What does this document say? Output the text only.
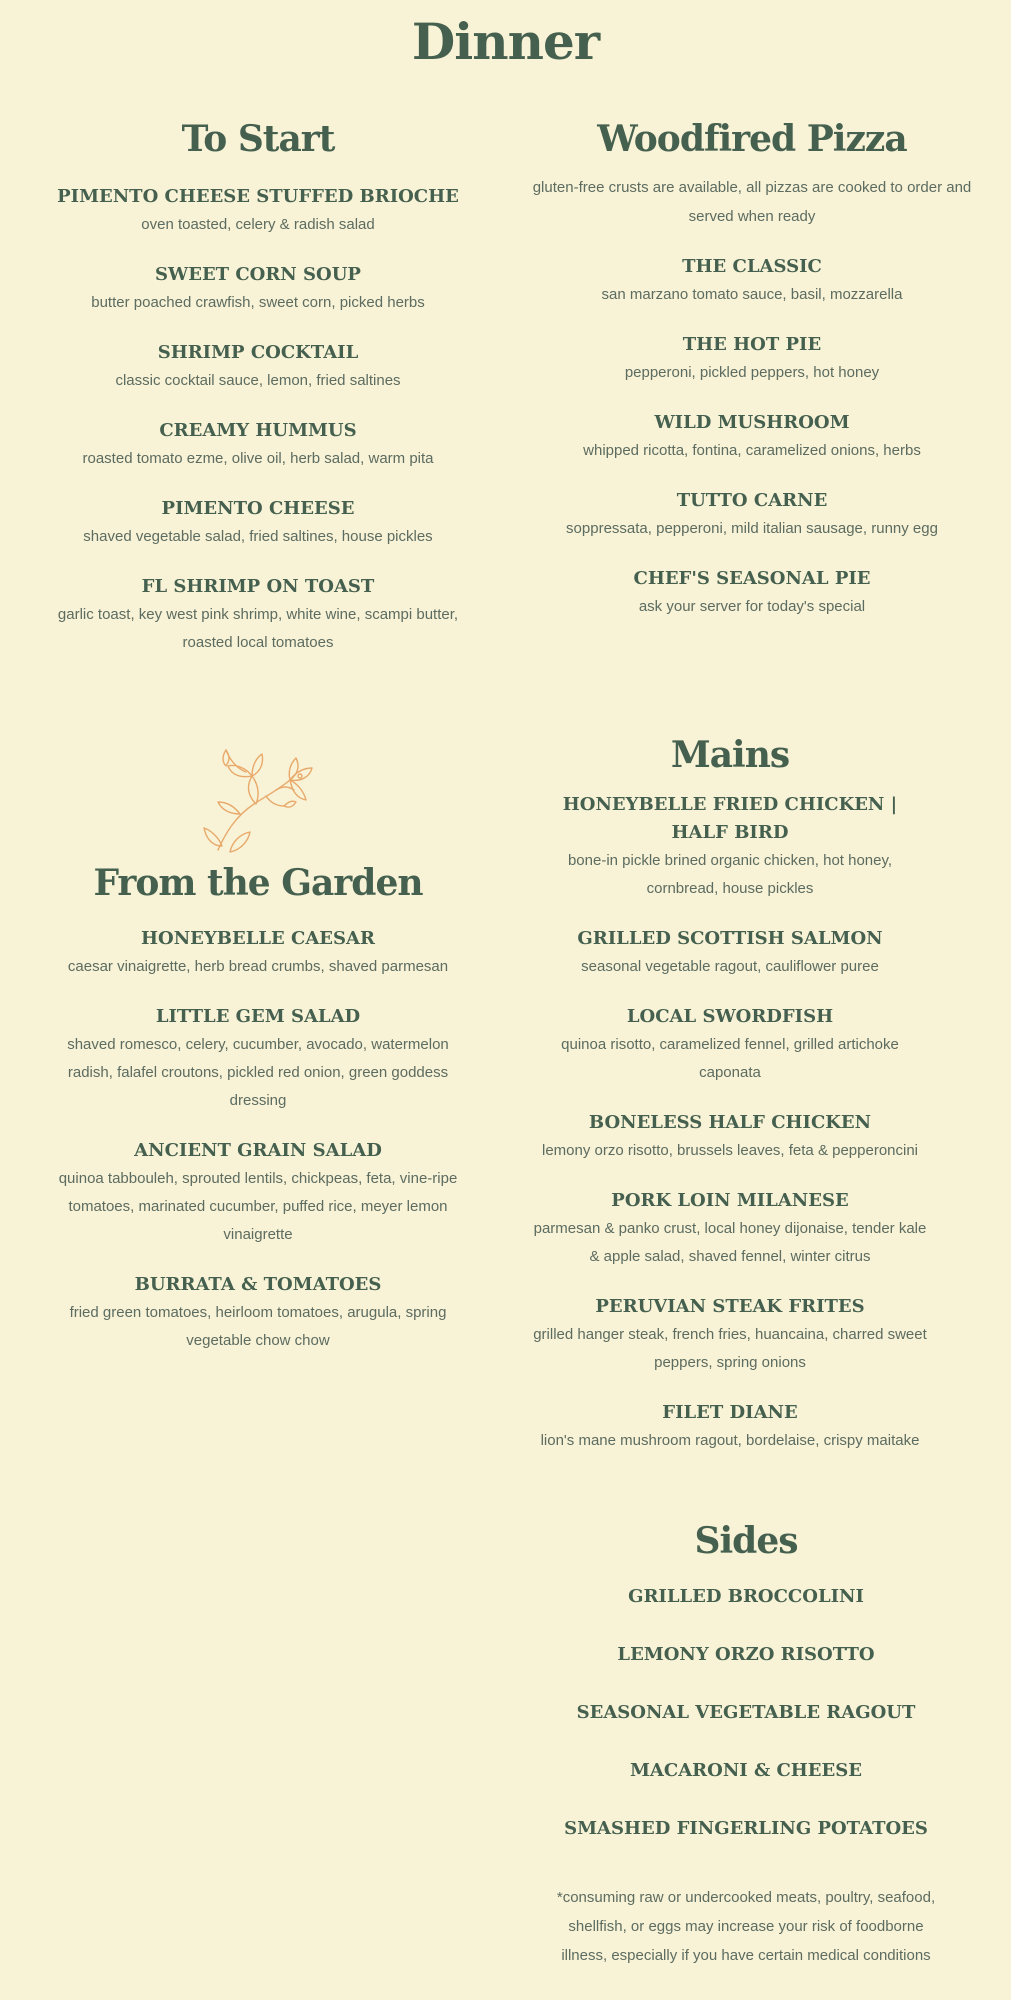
Dinner
To Start
PIMENTO CHEESE STUFFED BRIOCHE
oven toasted, celery & radish salad
SWEET CORN SOUP
butter poached crawfish, sweet corn, picked herbs
SHRIMP COCKTAIL
classic cocktail sauce, lemon, fried saltines
CREAMY HUMMUS
roasted tomato ezme, olive oil, herb salad, warm pita
PIMENTO CHEESE
shaved vegetable salad, fried saltines, house pickles
FL SHRIMP ON TOAST
garlic toast, key west pink shrimp, white wine, scampi butter, roasted local tomatoes
From the Garden
HONEYBELLE CAESAR
caesar vinaigrette, herb bread crumbs, shaved parmesan
LITTLE GEM SALAD
shaved romesco, celery, cucumber, avocado, watermelon radish, falafel croutons, pickled red onion, green goddess dressing
ANCIENT GRAIN SALAD
quinoa tabbouleh, sprouted lentils, chickpeas, feta, vine-ripe tomatoes, marinated cucumber, puffed rice, meyer lemon vinaigrette
BURRATA & TOMATOES
fried green tomatoes, heirloom tomatoes, arugula, spring vegetable chow chow
Woodfired Pizza
gluten-free crusts are available, all pizzas are cooked to order and served when ready
THE CLASSIC
san marzano tomato sauce, basil, mozzarella
THE HOT PIE
pepperoni, pickled peppers, hot honey
WILD MUSHROOM
whipped ricotta, fontina, caramelized onions, herbs
TUTTO CARNE
soppressata, pepperoni, mild italian sausage, runny egg
CHEF'S SEASONAL PIE
ask your server for today's special
Mains
HONEYBELLE FRIED CHICKEN | HALF BIRD
bone-in pickle brined organic chicken, hot honey, cornbread, house pickles
GRILLED SCOTTISH SALMON
seasonal vegetable ragout, cauliflower puree
LOCAL SWORDFISH
quinoa risotto, caramelized fennel, grilled artichoke caponata
BONELESS HALF CHICKEN
lemony orzo risotto, brussels leaves, feta & pepperoncini
PORK LOIN MILANESE
parmesan & panko crust, local honey dijonaise, tender kale & apple salad, shaved fennel, winter citrus
PERUVIAN STEAK FRITES
grilled hanger steak, french fries, huancaina, charred sweet peppers, spring onions
FILET DIANE
lion's mane mushroom ragout, bordelaise, crispy maitake
Sides
GRILLED BROCCOLINI
LEMONY ORZO RISOTTO
SEASONAL VEGETABLE RAGOUT
MACARONI & CHEESE
SMASHED FINGERLING POTATOES
*consuming raw or undercooked meats, poultry, seafood, shellfish, or eggs may increase your risk of foodborne illness, especially if you have certain medical conditions
